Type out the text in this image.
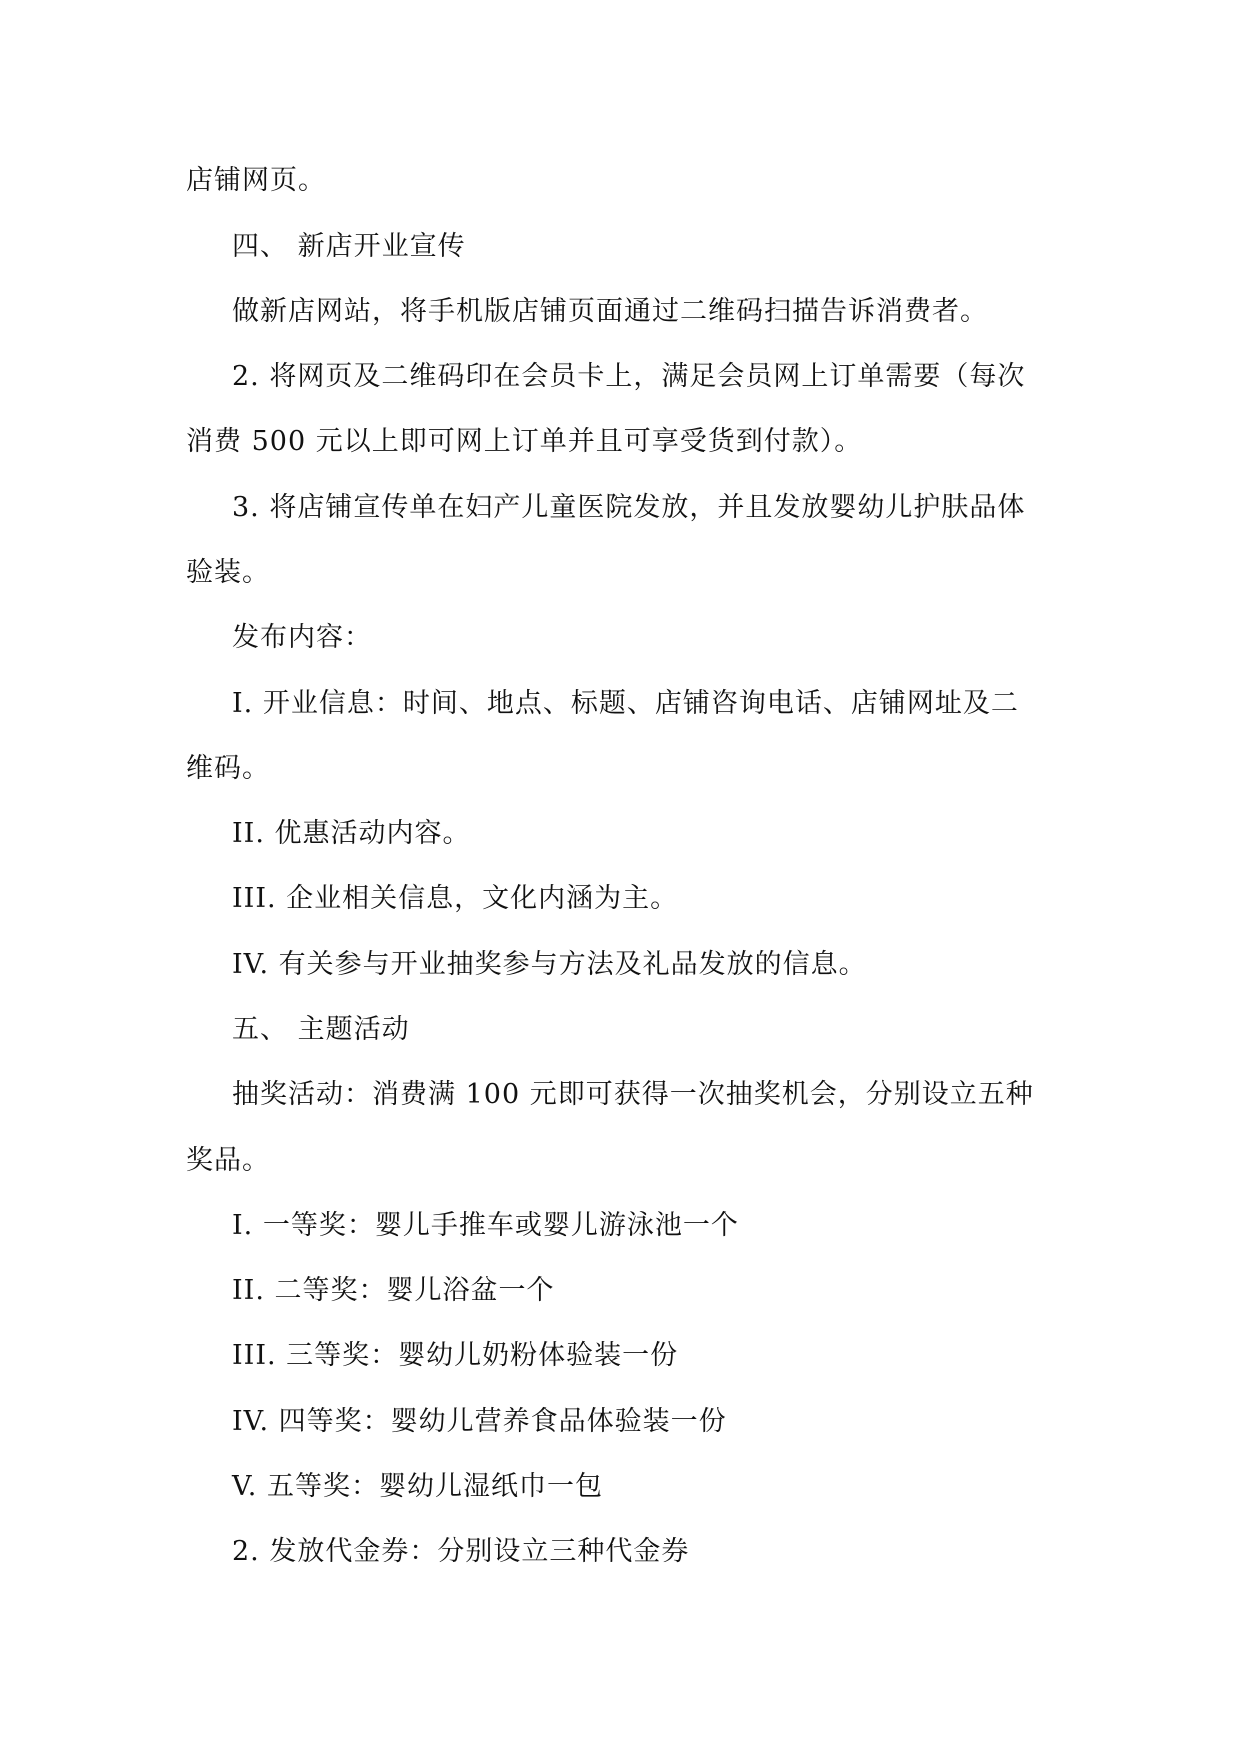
店铺网页。
四、 新店开业宣传
做新店网站，将手机版店铺页面通过二维码扫描告诉消费者。
2. 将网页及二维码印在会员卡上，满足会员网上订单需要（每次
消费 500 元以上即可网上订单并且可享受货到付款）。
3. 将店铺宣传单在妇产儿童医院发放，并且发放婴幼儿护肤品体
验装。
发布内容：
I. 开业信息：时间、地点、标题、店铺咨询电话、店铺网址及二
维码。
II. 优惠活动内容。
III. 企业相关信息，文化内涵为主。
IV. 有关参与开业抽奖参与方法及礼品发放的信息。
五、 主题活动
抽奖活动：消费满 100 元即可获得一次抽奖机会，分别设立五种
奖品。
I. 一等奖：婴儿手推车或婴儿游泳池一个
II. 二等奖：婴儿浴盆一个
III. 三等奖：婴幼儿奶粉体验装一份
IV. 四等奖：婴幼儿营养食品体验装一份
V. 五等奖：婴幼儿湿纸巾一包
2. 发放代金券：分别设立三种代金券
